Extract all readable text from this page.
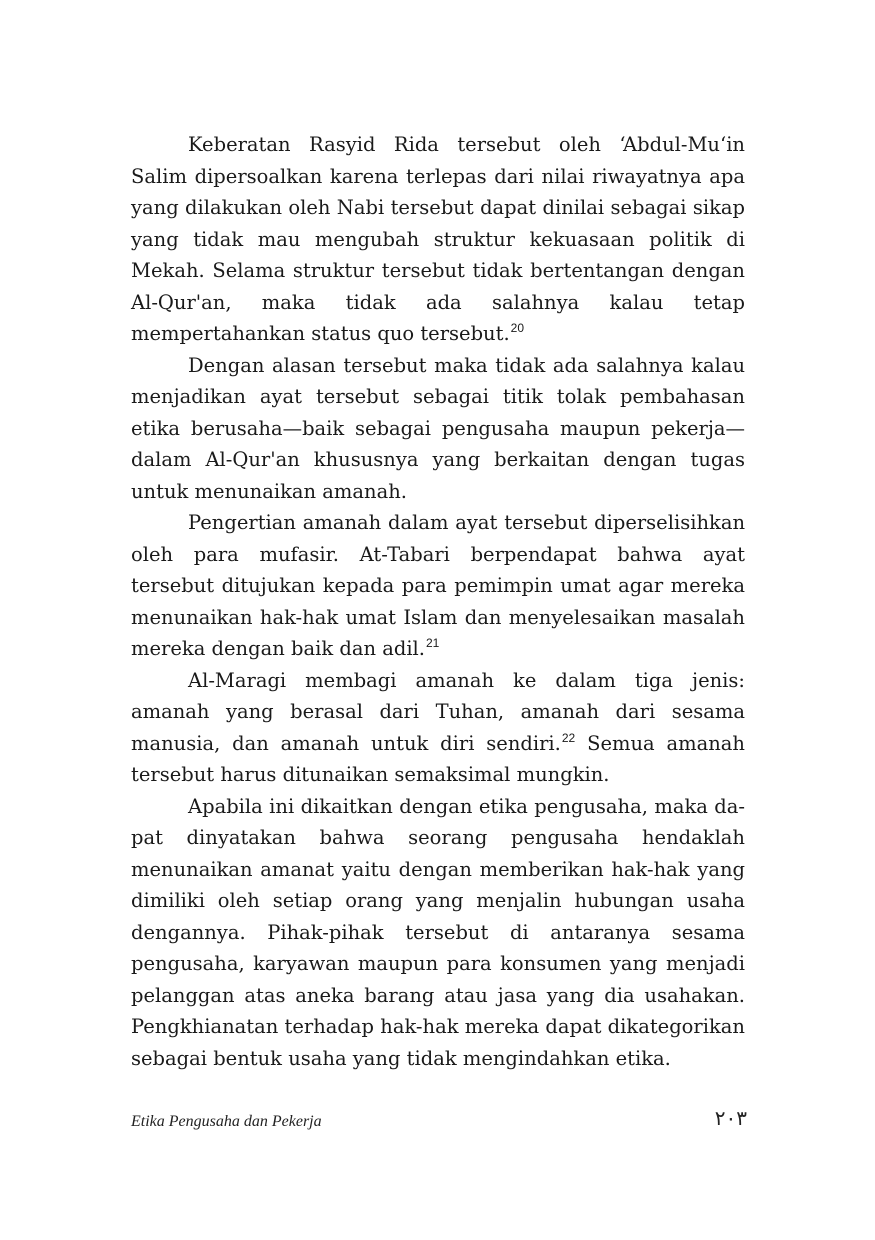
Keberatan Rasyid Rida tersebut oleh ‘Abdul-Mu‘in Salim dipersoalkan karena terlepas dari nilai riwayatnya apa yang dilakukan oleh Nabi tersebut dapat dinilai sebagai sikap yang tidak mau mengubah struktur kekuasaan politik di Mekah. Selama struktur tersebut tidak bertentangan dengan Al-Qur'an, maka tidak ada salahnya kalau tetap mempertahankan status quo tersebut.$^{20}$

Dengan alasan tersebut maka tidak ada salahnya kalau menjadikan ayat tersebut sebagai titik tolak pembahasan etika berusaha—baik sebagai pengusaha maupun pekerja—dalam Al-Qur'an khususnya yang berkaitan dengan tugas untuk menunaikan amanah.

Pengertian amanah dalam ayat tersebut diperselisihkan oleh para mufasir. At-Tabari berpendapat bahwa ayat tersebut ditujukan kepada para pemimpin umat agar mereka menunaikan hak-hak umat Islam dan menyelesaikan masalah mereka dengan baik dan adil.$^{21}$

Al-Maragi membagi amanah ke dalam tiga jenis: amanah yang berasal dari Tuhan, amanah dari sesama manusia, dan amanah untuk diri sendiri.$^{22}$ Semua amanah tersebut harus ditunaikan semaksimal mungkin.

Apabila ini dikaitkan dengan etika pengusaha, maka dapat dinyatakan bahwa seorang pengusaha hendaklah menunaikan amanat yaitu dengan memberikan hak-hak yang dimiliki oleh setiap orang yang menjalin hubungan usaha dengannya. Pihak-pihak tersebut di antaranya sesama pengusaha, karyawan maupun para konsumen yang menjadi pelanggan atas aneka barang atau jasa yang dia usahakan. Pengkhianatan terhadap hak-hak mereka dapat dikategorikan sebagai bentuk usaha yang tidak mengindahkan etika.

Etika Pengusaha dan Pekerja	٢٠٣
